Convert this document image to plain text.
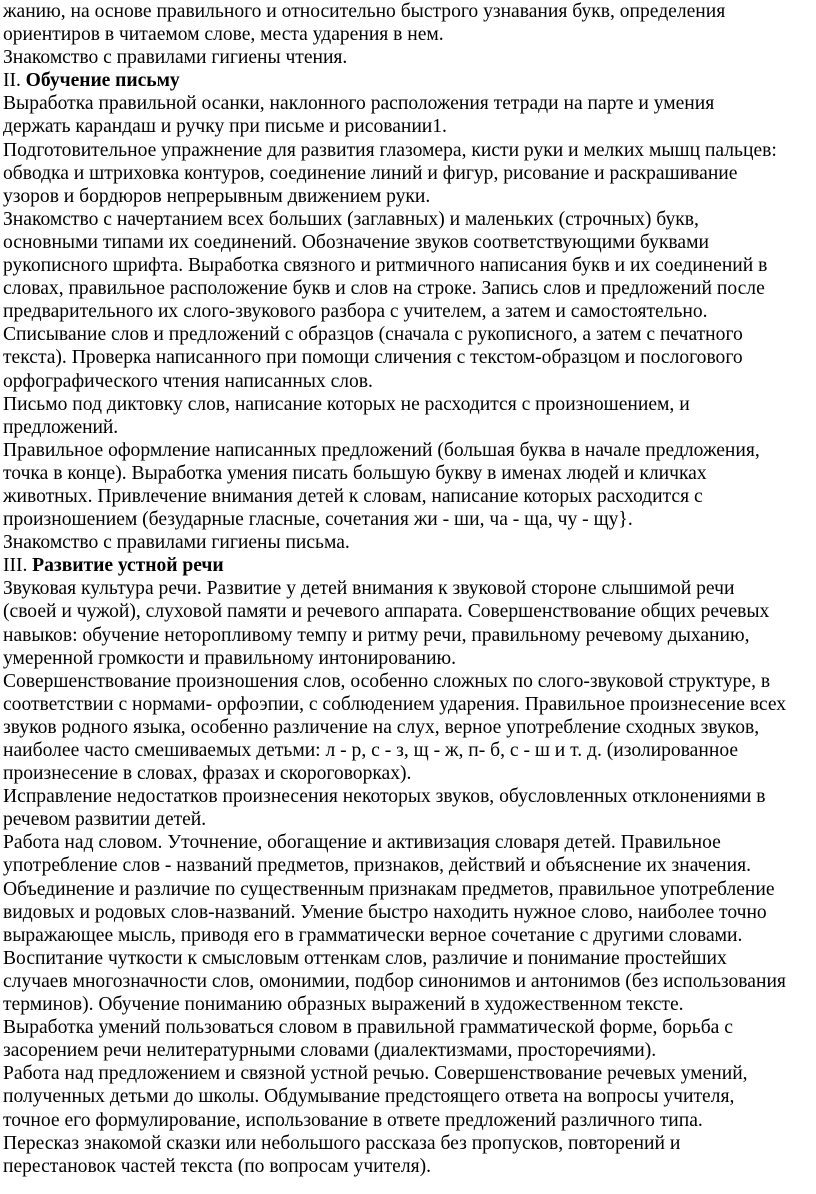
жанию, на основе правильного и относительно быстрого узнавания букв, определения
ориентиров в читаемом слове, места ударения в нем.
Знакомство с правилами гигиены чтения.
II. Обучение письму
Выработка правильной осанки, наклонного расположения тетради на парте и умения
держать карандаш и ручку при письме и рисовании1.
Подготовительное упражнение для развития глазомера, кисти руки и мелких мышц пальцев:
обводка и штриховка контуров, соединение линий и фигур, рисование и раскрашивание
узоров и бордюров непрерывным движением руки.
Знакомство с начертанием всех больших (заглавных) и маленьких (строчных) букв,
основными типами их соединений. Обозначение звуков соответствующими буквами
рукописного шрифта. Выработка связного и ритмичного написания букв и их соединений в
словах, правильное расположение букв и слов на строке. Запись слов и предложений после
предварительного их слого-звукового разбора с учителем, а затем и самостоятельно.
Списывание слов и предложений с образцов (сначала с рукописного, а затем с печатного
текста). Проверка написанного при помощи сличения с текстом-образцом и послогового
орфографического чтения написанных слов.
Письмо под диктовку слов, написание которых не расходится с произношением, и
предложений.
Правильное оформление написанных предложений (большая буква в начале предложения,
точка в конце). Выработка умения писать большую букву в именах людей и кличках
животных. Привлечение внимания детей к словам, написание которых расходится с
произношением (безударные гласные, сочетания жи - ши, ча - ща, чу - щу}.
Знакомство с правилами гигиены письма.
III. Развитие устной речи
Звуковая культура речи. Развитие у детей внимания к звуковой стороне слышимой речи
(своей и чужой), слуховой памяти и речевого аппарата. Совершенствование общих речевых
навыков: обучение неторопливому темпу и ритму речи, правильному речевому дыханию,
умеренной громкости и правильному интонированию.
Совершенствование произношения слов, особенно сложных по слого-звуковой структуре, в
соответствии с нормами- орфоэпии, с соблюдением ударения. Правильное произнесение всех
звуков родного языка, особенно различение на слух, верное употребление сходных звуков,
наиболее часто смешиваемых детьми: л - р, с - з, щ - ж, п- б, с - ш и т. д. (изолированное
произнесение в словах, фразах и скороговорках).
Исправление недостатков произнесения некоторых звуков, обусловленных отклонениями в
речевом развитии детей.
Работа над словом. Уточнение, обогащение и активизация словаря детей. Правильное
употребление слов - названий предметов, признаков, действий и объяснение их значения.
Объединение и различие по существенным признакам предметов, правильное употребление
видовых и родовых слов-названий. Умение быстро находить нужное слово, наиболее точно
выражающее мысль, приводя его в грамматически верное сочетание с другими словами.
Воспитание чуткости к смысловым оттенкам слов, различие и понимание простейших
случаев многозначности слов, омонимии, подбор синонимов и антонимов (без использования
терминов). Обучение пониманию образных выражений в художественном тексте.
Выработка умений пользоваться словом в правильной грамматической форме, борьба с
засорением речи нелитературными словами (диалектизмами, просторечиями).
Работа над предложением и связной устной речью. Совершенствование речевых умений,
полученных детьми до школы. Обдумывание предстоящего ответа на вопросы учителя,
точное его формулирование, использование в ответе предложений различного типа.
Пересказ знакомой сказки или небольшого рассказа без пропусков, повторений и
перестановок частей текста (по вопросам учителя).
